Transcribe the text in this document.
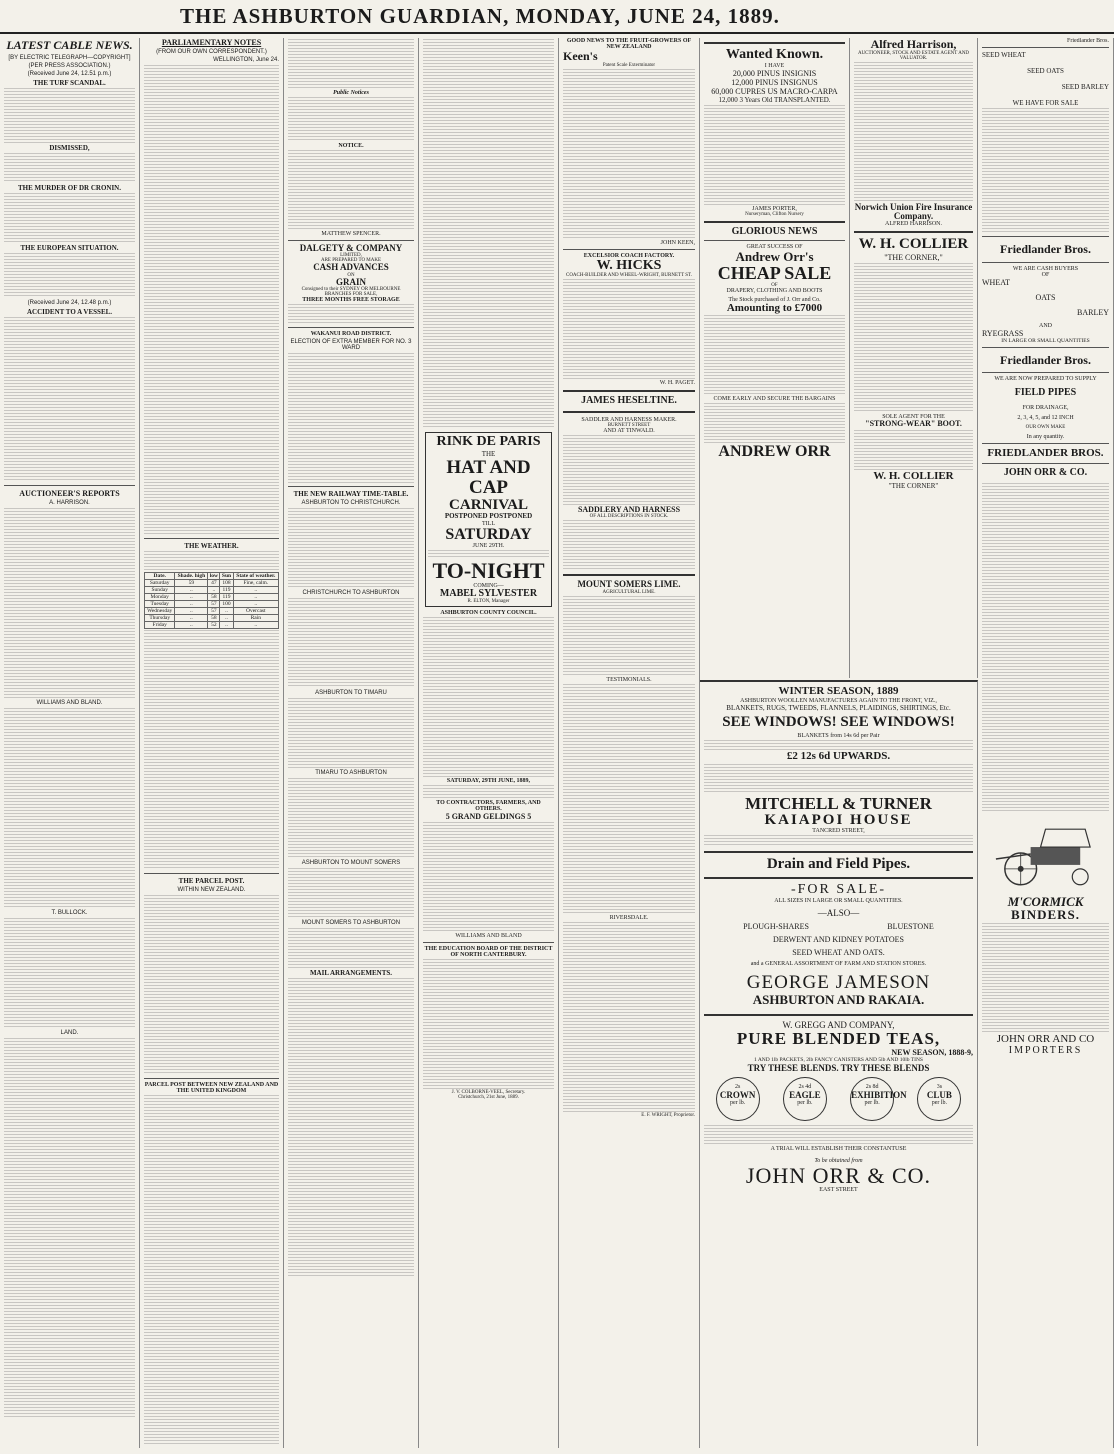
THE ASHBURTON GUARDIAN, MONDAY, JUNE 24, 1889.
LATEST CABLE NEWS.
[BY ELECTRIC TELEGRAPH—COPYRIGHT]
(PER PRESS ASSOCIATION.)
(Received June 24, 12.51 p.m.)
THE TURF SCANDAL.
DISMISSED,
THE MURDER OF DR CRONIN.
THE EUROPEAN SITUATION.
(Received June 24, 12.48 p.m.)
ACCIDENT TO A VESSEL.
AUCTIONEER'S REPORTS
A. HARRISON.
WILLIAMS AND BLAND.
T. BULLOCK.
LAND.
PARLIAMENTARY NOTES
(FROM OUR OWN CORRESPONDENT.)
WELLINGTON, June 24.
THE WEATHER.
Date.	Shade. high	low	Sun	State of weather.
Saturday	59	47	108	Fine, calm.
Sunday	..	..	119	..
Monday	..	58	119	..
Tuesday	..	57	100	..
Wednesday	..	57	..	Overcast
Thursday	..	58	..	Rain
Friday	..	52	..	..
THE PARCEL POST.
WITHIN NEW ZEALAND.
PARCEL POST BETWEEN NEW ZEALAND AND THE UNITED KINGDOM
Public Notices
NOTICE.
MATTHEW SPENCER.
DALGETY & COMPANY
LIMITED,
ARE PREPARED TO MAKE
CASH ADVANCES
ON
GRAIN
Consigned to their SYDNEY OR MELBOURNE BRANCHES FOR SALE,
THREE MONTHS FREE STORAGE
WAKANUI ROAD DISTRICT.
ELECTION OF EXTRA MEMBER FOR NO. 3 WARD
THE NEW RAILWAY TIME-TABLE.
ASHBURTON TO CHRISTCHURCH.
CHRISTCHURCH TO ASHBURTON
ASHBURTON TO TIMARU
TIMARU TO ASHBURTON
ASHBURTON TO MOUNT SOMERS
MOUNT SOMERS TO ASHBURTON
MAIL ARRANGEMENTS.
RINK DE PARIS
THE
HAT AND CAP
CARNIVAL
POSTPONED POSTPONED
TILL
SATURDAY
JUNE 29TH.
TO-NIGHT
COMING—
MABEL SYLVESTER
R. ELTON, Manager
ASHBURTON COUNTY COUNCIL.
SATURDAY, 29TH JUNE, 1889,
TO CONTRACTORS, FARMERS, AND OTHERS.
5 GRAND GELDINGS 5
WILLIAMS AND BLAND
THE EDUCATION BOARD OF THE DISTRICT OF NORTH CANTERBURY.
J. V. COLBORNE-VEEL, Secretary.
Christchurch, 21st June, 1889.
GOOD NEWS TO THE FRUIT-GROWERS OF NEW ZEALAND
Keen's
Patent Scale Exterminator
JOHN KEEN,
EXCELSIOR COACH FACTORY.
W. HICKS
COACH-BUILDER AND WHEEL-WRIGHT, BURNETT ST.
W. H. PAGET.
JAMES HESELTINE.
SADDLER AND HARNESS MAKER.
BURNETT STREET
AND AT TINWALD.
SADDLERY AND HARNESS
OF ALL DESCRIPTIONS IN STOCK.
MOUNT SOMERS LIME.
AGRICULTURAL LIME.
TESTIMONIALS.
RIVERSDALE.
E. F. WRIGHT, Proprietor.
Wanted Known.
I HAVE
20,000 PINUS INSIGNIS
12,000 PINUS INSIGNUS
60,000 CUPRES US MACRO-CARPA
12,000 3 Years Old TRANSPLANTED.
JAMES PORTER,
Nurseryman, Clifton Nursery
GLORIOUS NEWS
GREAT SUCCESS OF
Andrew Orr's
CHEAP SALE
OF
DRAPERY, CLOTHING AND BOOTS
The Stock purchased of J. Orr and Co.
Amounting to £7000
COME EARLY AND SECURE THE BARGAINS
ANDREW ORR
Alfred Harrison,
AUCTIONEER, STOCK AND ESTATE AGENT AND VALUATOR.
Norwich Union Fire Insurance Company.
ALFRED HARRISON.
W. H. COLLIER
"THE CORNER,"
SOLE AGENT FOR THE
"STRONG-WEAR" BOOT.
W. H. COLLIER
"THE CORNER"
WINTER SEASON, 1889
ASHBURTON WOOLLEN MANUFACTURES AGAIN TO THE FRONT, VIZ.,
BLANKETS, RUGS, TWEEDS, FLANNELS, PLAIDINGS, SHIRTINGS, Etc.
SEE WINDOWS! SEE WINDOWS!
BLANKETS from 14s 6d per Pair
£2 12s 6d UPWARDS.
MITCHELL & TURNER
KAIAPOI HOUSE
TANCRED STREET,
Drain and Field Pipes.
-FOR SALE-
ALL SIZES IN LARGE OR SMALL QUANTITIES.
—ALSO—
PLOUGH-SHARES	BLUESTONE
DERWENT AND KIDNEY POTATOES
SEED WHEAT AND OATS.
and a GENERAL ASSORTMENT OF FARM AND STATION STORES.
GEORGE JAMESON
ASHBURTON AND RAKAIA.
W. GREGG AND COMPANY,
PURE BLENDED TEAS,
NEW SEASON, 1888-9,
1 AND 1lb PACKETS, 2lb FANCY CANISTERS AND 5lb AND 10lb TINS
TRY THESE BLENDS. TRY THESE BLENDS
2s
CROWN
per lb.
2s 4d
EAGLE
per lb.
2s 8d
EXHIBITION
per lb.
3s
CLUB
per lb.
A TRIAL WILL ESTABLISH THEIR CONSTANTUSE
To be obtained from
JOHN ORR & CO.
EAST STREET
Friedlander Bros.
SEED WHEAT
SEED OATS
SEED BARLEY
WE HAVE FOR SALE
Friedlander Bros.
WE ARE CASH BUYERS
OF
WHEAT
OATS
BARLEY
AND
RYEGRASS
IN LARGE OR SMALL QUANTITIES
Friedlander Bros.
WE ARE NOW PREPARED TO SUPPLY
FIELD PIPES
FOR DRAINAGE,
2, 3, 4, 5, and 12 INCH
OUR OWN MAKE
In any quantity.
FRIEDLANDER BROS.
JOHN ORR & CO.
M'CORMICK
BINDERS.
JOHN ORR AND CO
IMPORTERS
